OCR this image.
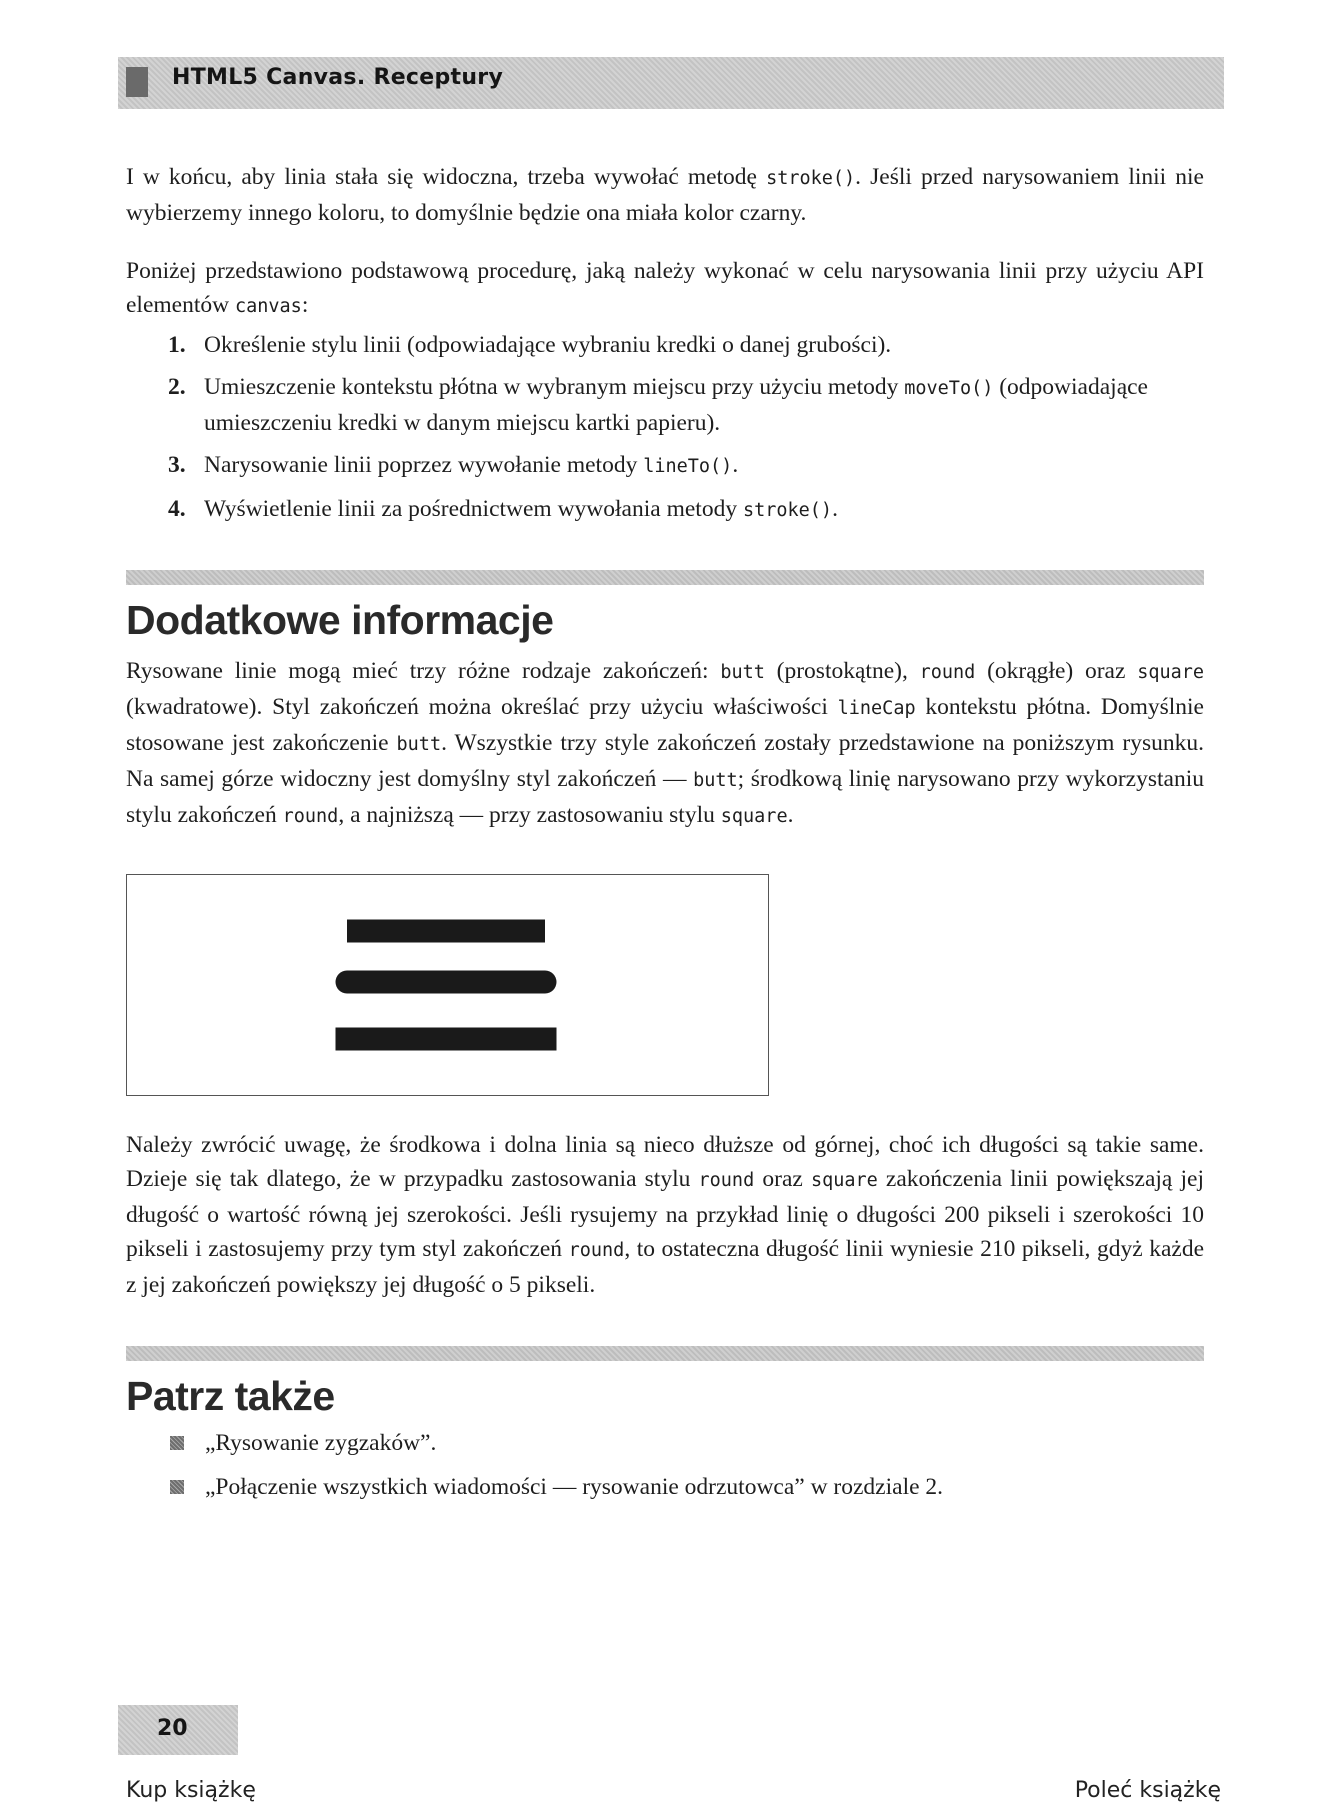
HTML5 Canvas. Receptury

I w końcu, aby linia stała się widoczna, trzeba wywołać metodę stroke(). Jeśli przed narysowaniem linii nie wybierzemy innego koloru, to domyślnie będzie ona miała kolor czarny.

Poniżej przedstawiono podstawową procedurę, jaką należy wykonać w celu narysowania linii przy użyciu API elementów canvas:

1. Określenie stylu linii (odpowiadające wybraniu kredki o danej grubości).
2. Umieszczenie kontekstu płótna w wybranym miejscu przy użyciu metody moveTo() (odpowiadające umieszczeniu kredki w danym miejscu kartki papieru).
3. Narysowanie linii poprzez wywołanie metody lineTo().
4. Wyświetlenie linii za pośrednictwem wywołania metody stroke().
Dodatkowe informacje

Rysowane linie mogą mieć trzy różne rodzaje zakończeń: butt (prostokątne), round (okrągłe) oraz square (kwadratowe). Styl zakończeń można określać przy użyciu właściwości lineCap kontekstu płótna. Domyślnie stosowane jest zakończenie butt. Wszystkie trzy style zakończeń zostały przedstawione na poniższym rysunku. Na samej górze widoczny jest domyślny styl zakończeń — butt; środkową linię narysowano przy wykorzystaniu stylu zakończeń round, a najniższą — przy zastosowaniu stylu square.

Należy zwrócić uwagę, że środkowa i dolna linia są nieco dłuższe od górnej, choć ich długości są takie same. Dzieje się tak dlatego, że w przypadku zastosowania stylu round oraz square zakończenia linii powiększają jej długość o wartość równą jej szerokości. Jeśli rysujemy na przykład linię o długości 200 pikseli i szerokości 10 pikseli i zastosujemy przy tym styl zakończeń round, to ostateczna długość linii wyniesie 210 pikseli, gdyż każde z jej zakończeń powiększy jej długość o 5 pikseli.

Patrz także
„Rysowanie zygzaków”.
„Połączenie wszystkich wiadomości — rysowanie odrzutowca” w rozdziale 2.
20
Kup książkę	Poleć książkę
